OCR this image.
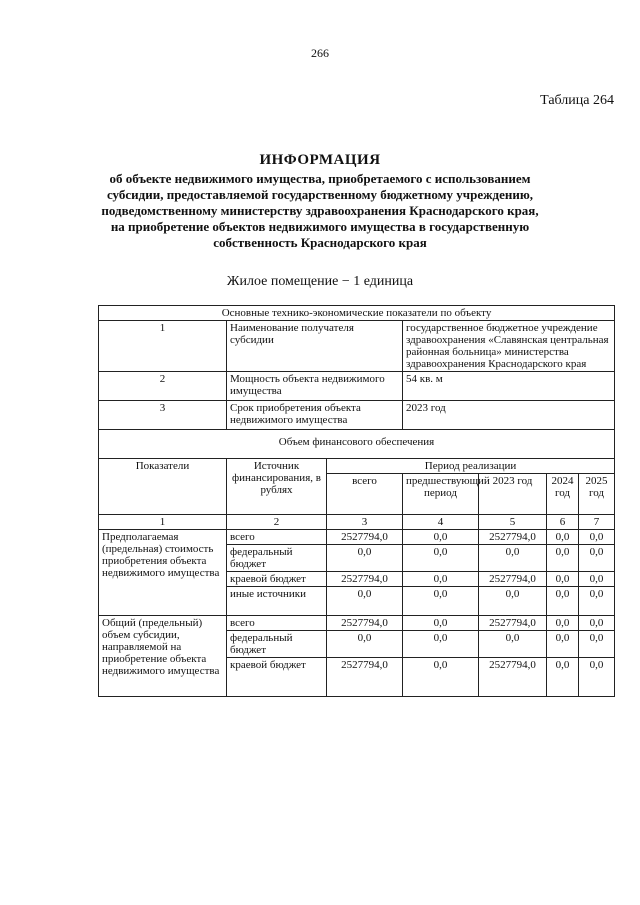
266
Таблица 264
ИНФОРМАЦИЯ
об объекте недвижимого имущества, приобретаемого с использованием
субсидии, предоставляемой государственному бюджетному учреждению,
подведомственному министерству здравоохранения Краснодарского края,
на приобретение объектов недвижимого имущества в государственную
собственность Краснодарского края
Жилое помещение − 1 единица
Основные технико-экономические показатели по объекту						
1	Наименование получателя субсидии		государственное бюджетное учреждение здравоохранения «Славянская центральная районная больница» министерства здравоохранения Краснодарского края			
2	Мощность объекта недвижимого имущества		54 кв. м			
3	Срок приобретения объекта недвижимого имущества		2023 год			
Объем финансового обеспечения						
Показатели	Источник финансирования, в рублях	Период реализации				
		всего	предшествующий период	2023 год	2024 год	2025 год
1	2	3	4	5	6	7
Предполагаемая (предельная) стоимость приобретения объекта недвижимого имущества	всего	2527794,0	0,0	2527794,0	0,0	0,0
	федеральный бюджет	0,0	0,0	0,0	0,0	0,0
	краевой бюджет	2527794,0	0,0	2527794,0	0,0	0,0
	иные источники	0,0	0,0	0,0	0,0	0,0
Общий (предельный) объем субсидии, направляемой на приобретение объекта недвижимого имущества	всего	2527794,0	0,0	2527794,0	0,0	0,0
	федеральный бюджет	0,0	0,0	0,0	0,0	0,0
	краевой бюджет	2527794,0	0,0	2527794,0	0,0	0,0
